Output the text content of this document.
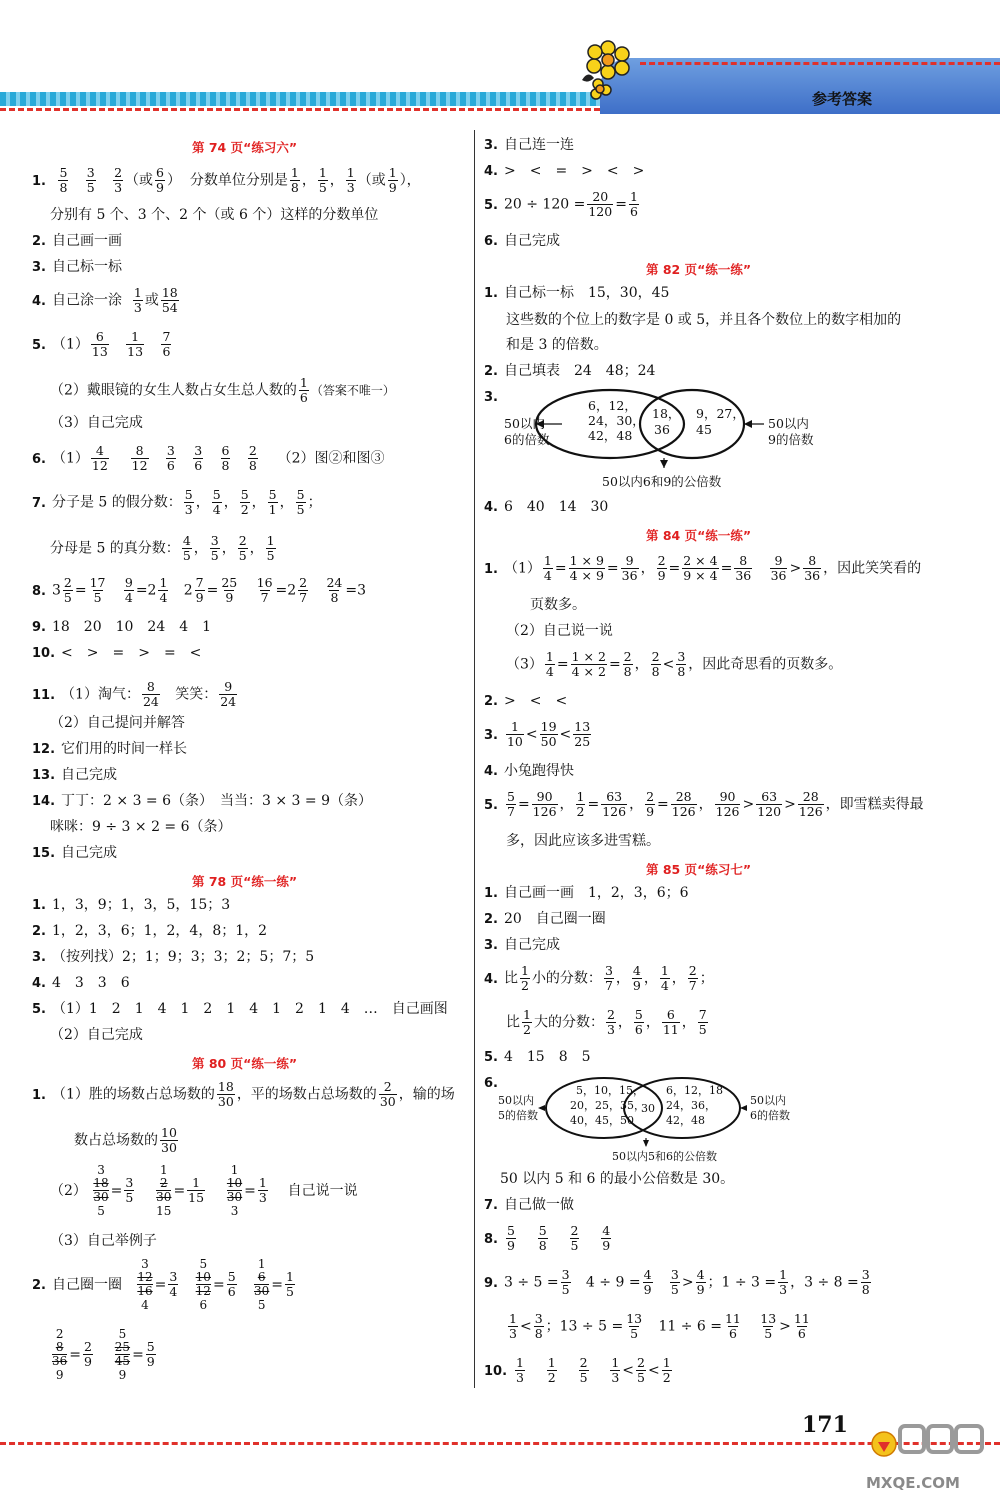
参考答案
第 74 页“练习六”
1. $\frac{5}{8}$
$\frac{3}{5}$
$\frac{2}{3}$ （或 $\frac{6}{9}$ ） 分数单位分别是 $\frac{1}{8}$ ， $\frac{1}{5}$ ， $\frac{1}{3}$ （或 $\frac{1}{9}$ ），
分别有 5 个、3 个、2 个（或 6 个）这样的分数单位
2. 自己画一画
3. 自己标一标
4. 自己涂一涂 $\frac{1}{3}$ 或 $\frac{18}{54}$
5. $(1) \frac{6}{13}$
$\frac{1}{13}$
$\frac{7}{6}$
（2）戴眼镜的女生人数占女生总人数的 $\frac{1}{6}$ （答案不唯一）
（3）自己完成
6. $(1) \frac{4}{12}$
$\frac{8}{12}$
$\frac{3}{6}$
$\frac{3}{6}$
$\frac{6}{8}$
$\frac{2}{8} (2)$图②和图③
7. 分子是 5 的假分数： $\frac{5}{3}$ ， $\frac{5}{4}$ ， $\frac{5}{2}$ ， $\frac{5}{1}$ ， $\frac{5}{5}$ ；
分母是 5 的真分数： $\frac{4}{5}$ ， $\frac{3}{5}$ ， $\frac{2}{5}$ ， $\frac{1}{5}$
8. $3 \frac{2}{5} = \frac{17}{5}$
$\frac{9}{4} =2 \frac{1}{4} 2 \frac{7}{9} = \frac{25}{9}$
$\frac{16}{7} =2 \frac{2}{7}$
$\frac{24}{8} =3$
9. 18　20　10　24　4　1
10. <　>　=　>　=　<
11. （1）淘气： $\frac{8}{24}$ 笑笑： $\frac{9}{24}$
（2）自己提问并解答
12. 它们用的时间一样长
13. 自己完成
14. 丁丁：2 × 3 = 6（条）　当当：3 × 3 = 9（条）
咪咪：9 ÷ 3 × 2 = 6（条）
15. 自己完成
第 78 页“练一练”
1. 1，3，9；1，3，5，15；3
2. 1，2，3，6；1，2，4，8；1，2
3. （按列找）2；1；9；3；3；2；5；7；5
4. 4　3　3　6
5. （1）1　2　1　4　1　2　1　4　1　2　1　4　…　自己画图
（2）自己完成
第 80 页“练一练”
1. （1）胜的场数占总场数的 $\frac{18}{30}$ ，平的场数占总场数的 $\frac{2}{30}$ ，输的场
数占总场数的 $\frac{10}{30}$
（2）
3
18
30
5
= $\frac{3}{5}$

1
2
30
15
= $\frac{1}{15}$

1
10
30
3
= $\frac{1}{3}$ 自己说一说
（3）自己举例子
2. 自己圈一圈
3
12
16
4
= $\frac{3}{4}$

5
10
12
6
= $\frac{5}{6}$

1
6
30
5
= $\frac{1}{5}$
2
8
36
9
= $\frac{2}{9}$

5
25
45
9
= $\frac{5}{9}$
3. 自己连一连
4. >　<　=　>　<　>
5. $20 \div 120 = \frac{20}{120} = \frac{1}{6}$
6. 自己完成
第 82 页“练一练”
1. 自己标一标　15，30，45
这些数的个位上的数字是 0 或 5，并且各个数位上的数字相加的
和是 3 的倍数。
2. 自己填表　24　48；24
3.
6，12，
24，30，
42，48
18，
36
9，27，
45
50以内
6的倍数
50以内
9的倍数
50以内6和9的公倍数
4. 6　40　14　30
第 84 页“练一练”
1. $(1) \frac{1}{4} = \frac{1 \times 9}{4 \times 9} = \frac{9}{36}$ ， $\frac{2}{9} = \frac{2 \times 4}{9 \times 4} = \frac{8}{36}$
$\frac{9}{36} > \frac{8}{36}$ ，因此笑笑看的
页数多。
（2）自己说一说
$(3) \frac{1}{4} = \frac{1 \times 2}{4 \times 2} = \frac{2}{8}$ ， $\frac{2}{8} < \frac{3}{8}$ ，因此奇思看的页数多。
2. >　<　<
3. $\frac{1}{10} < \frac{19}{50} < \frac{13}{25}$
4. 小兔跑得快
5. $\frac{5}{7} = \frac{90}{126}$ ， $\frac{1}{2} = \frac{63}{126}$ ， $\frac{2}{9} = \frac{28}{126}$ ， $\frac{90}{126} > \frac{63}{120} > \frac{28}{126}$ ，即雪糕卖得最
多，因此应该多进雪糕。
第 85 页“练习七”
1. 自己画一画　1，2，3，6；6
2. 20　自己圈一圈
3. 自己完成
4. 比 $\frac{1}{2}$ 小的分数： $\frac{3}{7}$ ， $\frac{4}{9}$ ， $\frac{1}{4}$ ， $\frac{2}{7}$ ；
比 $\frac{1}{2}$ 大的分数： $\frac{2}{3}$ ， $\frac{5}{6}$ ， $\frac{6}{11}$ ， $\frac{7}{5}$
5. 4　15　8　5
6.	5，10，15，
20，25，35，
40，45，50
30
6，12，18
24，36，
42，48
50以内
5的倍数
50以内
6的倍数
50以内5和6的公倍数
50 以内 5 和 6 的最小公倍数是 30。
7. 自己做一做
8. $\frac{5}{9}$
$\frac{5}{8}$
$\frac{2}{5}$
$\frac{4}{9}$
9. $3 \div 5 = \frac{3}{5} 4 \div 9 = \frac{4}{9}$
$\frac{3}{5} > \frac{4}{9}$ ；$1 \div 3 = \frac{1}{3}$ ，$3 \div 8 = \frac{3}{8}$
$\frac{1}{3} < \frac{3}{8}$ ；$13 \div 5 = \frac{13}{5} 11 \div 6 = \frac{11}{6}$
$\frac{13}{5} > \frac{11}{6}$
10. $\frac{1}{3}$
$\frac{1}{2}$
$\frac{2}{5}$
$\frac{1}{3} < \frac{2}{5} < \frac{1}{2}$
171
MXQE.COM
